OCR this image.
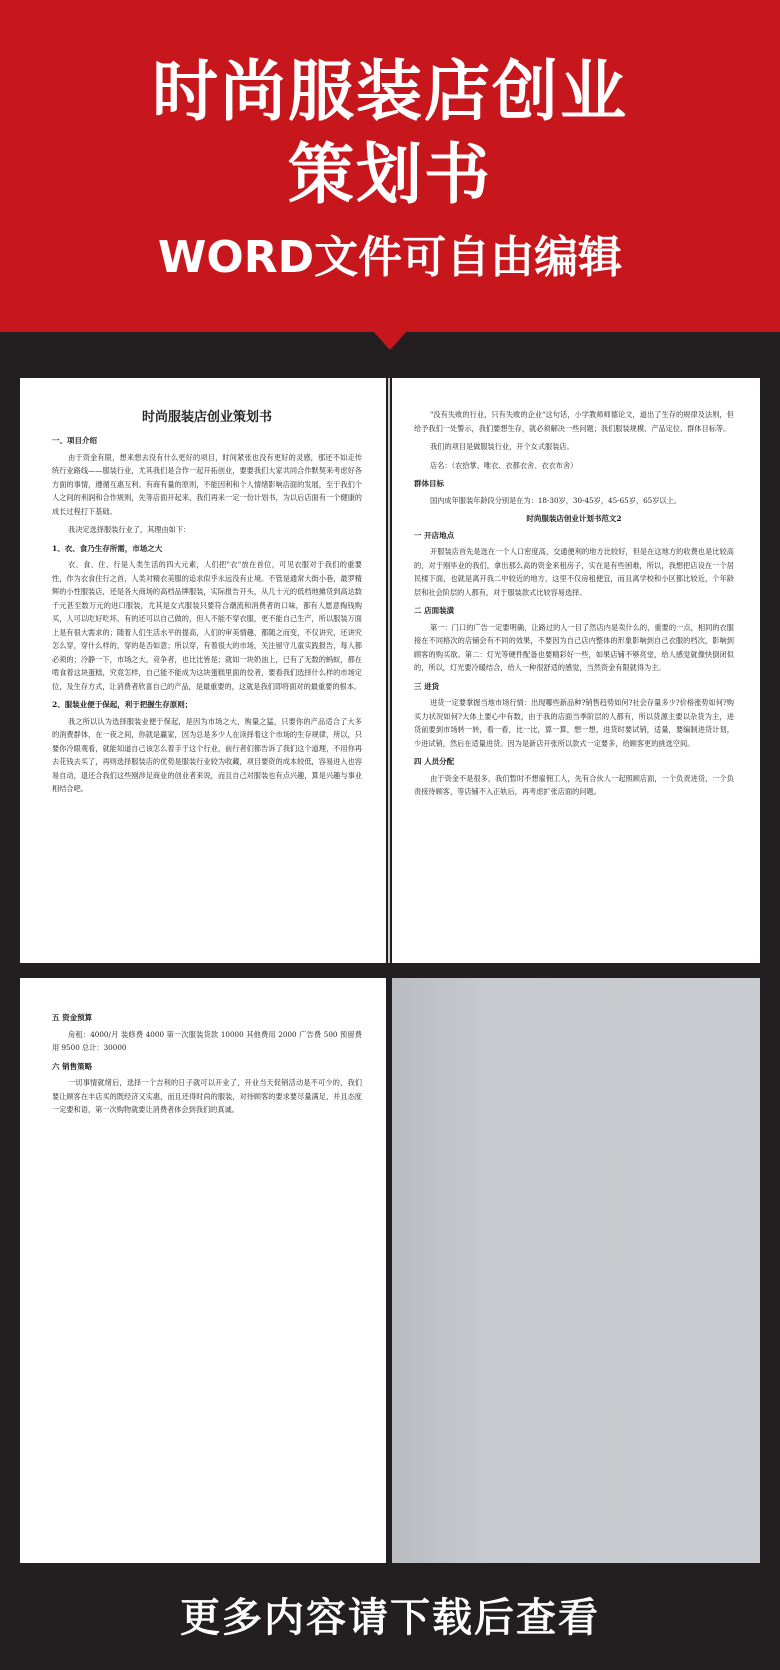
时尚服装店创业
策划书
WORD文件可自由编辑

时尚服装店创业策划书

一、项目介绍

由于资金有限，想来想去没有什么更好的项目，时间紧张也没有更好的灵感，那还不如走传统行业路线——服装行业，尤其我们是合作一起开拓创业，要要我们大家共同合作默契来考虑好各方面的事情，遵循互惠互利、有商有量的原则，不能因利和个人情绪影响店面的发展，至于我们个人之间的利润和合作规则，先等店面开起来，我们再来一定一份计划书，为以后店面有一个健康的成长过程打下基础。

我决定选择服装行业了，其理由如下：

1、衣、食乃生存所需，市场之大

衣、食、住、行是人类生活的四大元素，人们把"衣"放在首位，可见衣服对于我们的重要性，作为衣食住行之首，人类对精衣美服的追求似乎永远没有止境。不管是通常大街小巷，最罗精辉的小性服装店，还是各大商场的高档品牌服装，实际报告开头，从几十元的低档地摊货到高达数千元甚至数万元的进口服装，尤其是女式服装只要符合潮流和消费者的口味，都有人愿意掏钱购买，人可以吃好吃坏，有的还可以自己做的，但人不能不穿衣服，更不能自己生产，所以服装万面上是有很大需求的；随着人们生活水平的提高，人们的审美情趣，都随之而变，不仅讲究，还讲究怎么穿，穿什么样的，穿的是否如意；所以穿，有着很大的市场，关注留守儿童实践报告，每人都必须的；冷静一下，市场之大，竞争者，也比比皆是；就如一块奶油上，已有了无数的蚂蚁，都在啃食着这块蛋糕，究竟怎样，自己能不能成为这块蛋糕里面的佼者，要看我们选择什么样的市场定位，及生存方式，让消费者欣喜自己的产品，是最重要的，这就是我们即将面对的最重要的根本。

2、服装业便于保起，利于把握生存原则；

我之所以认为选择服装业便于保起，是因为市场之大，购量之猛，只要你的产品适合了大多的消费群体，在一夜之间，你就是赢家，因为总是多少人在读择着这个市场的生存规律，所以，只要你冷眼观看，就能知道自己该怎么着手于这个行业，前行者们都告诉了我们这个道理，不用你再去花钱去买了，再则选择服装店的优势是服装行业较为收藏，项目要资的成本较低，容易进入也容易自动，退还合我们这些刚涉足商业的创业者来说，而且自己对服装也有点兴趣，算是兴趣与事业相结合吧。

"没有失败的行业，只有失败的企业"这句话，小学教师师德论文，道出了生存的规律及法则，但给予我们一处警示，我们要想生存，就必须解决一些问题；我们服装规模、产品定位、群体目标等。

我们的项目是做服装行业，开个女式服装店。

店名：（农拾掌、唯衣、衣都衣舍、衣衣布舍）

群体目标

国内成年服装年龄段分别是在为：18-30岁，30-45岁，45-65岁，65岁以上。

时尚服装店创业计划书范文2

一 开店地点

开服装店首先是选在一个人口密度高，交通便利的地方比较好，但是在这地方的收费也是比较高的，对于刚毕业的我们，拿出那么高的资金来租房子，实在是有些困难，所以，我想把店设在一个居民楼下面，也就是离开我二中较近的地方，这里不仅房租便宜，而且离学校和小区都比较近，个年龄层和社会阶层的人都有，对于服装款式比较容易选择。

二 店面装潢

第一：门口的广告一定要明确，让路过的人一目了然店内是卖什么的，重要的一点，相同的衣服接在不同格次的店铺会有不同的效果，不要因为自己店内整体的形象影响到自己衣服的档次，影响到顾客的购买欲。第二：灯光等硬件配备也要精彩好一些，如果店铺不够亮堂，给人感觉就像快倒闭似的，所以，灯光要冷暖结合，给人一种很舒适的感觉，当然资金有限就得为主。

三 进货

进货一定要掌握当地市场行情：出现哪些新品种?销售趋势如何?社会存量多少?价格涨势如何?购买力状况如何?大体上要心中有数，由于我的店面当季阶层的人都有，所以货源主要以杂货为主，进货前要到市场转一转，看一看，比一比，算一算，想一想，进货时要试销，适量，要编制进货计划，少进试销，然后在适量进货。因为是新店开张所以款式一定要多，给顾客更的挑选空间。

四 人员分配

由于资金不是很多，我们暂时不想雇佣工人，先有合伙人一起照顾店面，一个负责进货，一个负责接待顾客，等店铺不入正轨后，再考虑扩张店面的问题。

五 资金预算

房租：4000/月 装修费 4000 第一次服装货款 10000 其他费用 2000 广告费 500 预留费用 9500 总计：30000

六 销售策略

一切事情就绪后，选择一个吉利的日子就可以开业了，开业当天促销活动是不可少的，我们要让顾客在丰店买的既经济又实惠，而且还得时尚的服装，对待顾客的要求要尽量满足，并且态度一定要和语，第一次购物就要让消费者体会到我们的真诚。

更多内容请下载后查看
